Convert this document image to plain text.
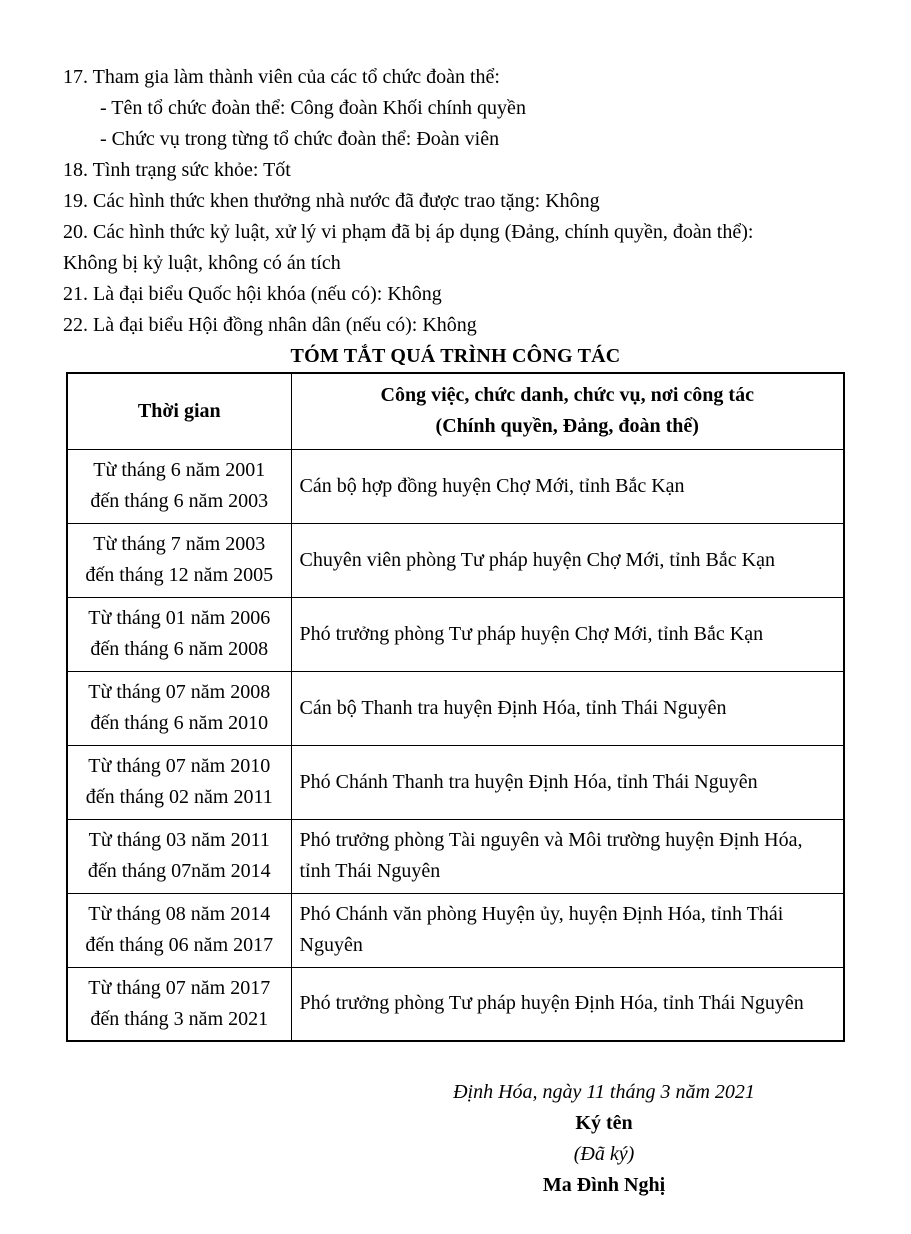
17. Tham gia làm thành viên của các tổ chức đoàn thể:

- Tên tổ chức đoàn thể: Công đoàn Khối chính quyền

- Chức vụ trong từng tổ chức đoàn thể: Đoàn viên

18. Tình trạng sức khỏe: Tốt

19. Các hình thức khen thưởng nhà nước đã được trao tặng: Không

20. Các hình thức kỷ luật, xử lý vi phạm đã bị áp dụng (Đảng, chính quyền, đoàn thể):

Không bị kỷ luật, không có án tích

21. Là đại biểu Quốc hội khóa (nếu có): Không

22. Là đại biểu Hội đồng nhân dân (nếu có): Không

TÓM TẮT QUÁ TRÌNH CÔNG TÁC
Thời gian	Công việc, chức danh, chức vụ, nơi công tác
(Chính quyền, Đảng, đoàn thể)

Từ tháng 6 năm 2001
đến tháng 6 năm 2003	Cán bộ hợp đồng huyện Chợ Mới, tỉnh Bắc Kạn

Từ tháng 7 năm 2003
đến tháng 12 năm 2005	Chuyên viên phòng Tư pháp huyện Chợ Mới, tỉnh Bắc Kạn

Từ tháng 01 năm 2006
đến tháng 6 năm 2008	Phó trưởng phòng Tư pháp huyện Chợ Mới, tỉnh Bắc Kạn

Từ tháng 07 năm 2008
đến tháng 6 năm 2010	Cán bộ Thanh tra huyện Định Hóa, tỉnh Thái Nguyên

Từ tháng 07 năm 2010
đến tháng 02 năm 2011	Phó Chánh Thanh tra huyện Định Hóa, tỉnh Thái Nguyên

Từ tháng 03 năm 2011
đến tháng 07năm 2014	Phó trưởng phòng Tài nguyên và Môi trường huyện Định Hóa, tỉnh Thái Nguyên

Từ tháng 08 năm 2014
đến tháng 06 năm 2017	Phó Chánh văn phòng Huyện ủy, huyện Định Hóa, tỉnh Thái Nguyên

Từ tháng 07 năm 2017
đến tháng 3 năm 2021	Phó trưởng phòng Tư pháp huyện Định Hóa, tỉnh Thái Nguyên

Định Hóa, ngày 11 tháng 3 năm 2021

Ký tên

(Đã ký)

Ma Đình Nghị
